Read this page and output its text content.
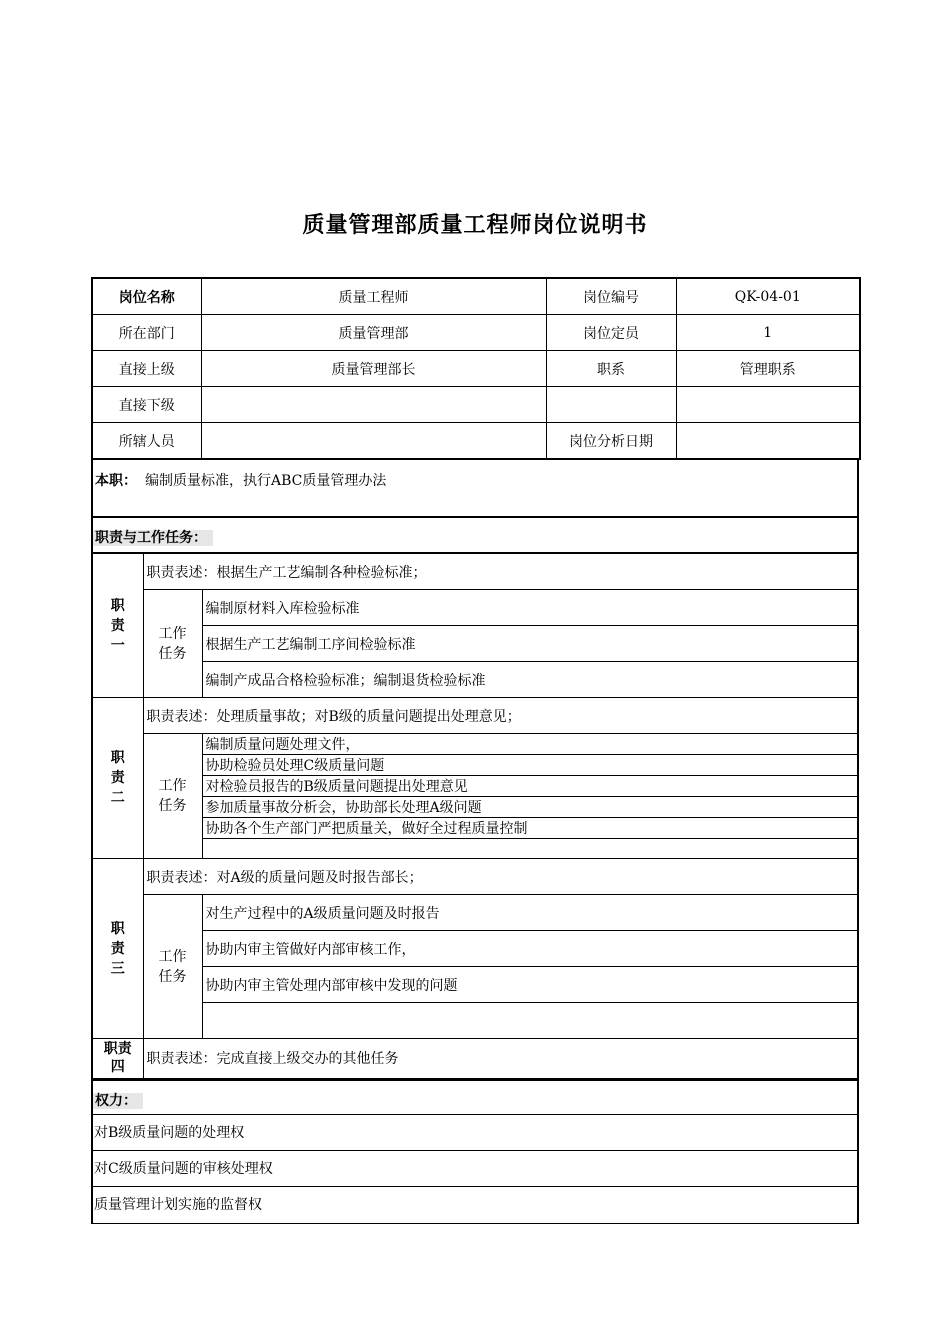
质量管理部质量工程师岗位说明书
岗位名称	质量工程师	岗位编号	QK-04-01
所在部门	质量管理部	岗位定员	1
直接上级	质量管理部长	职系	管理职系
直接下级			
所辖人员		岗位分析日期	
本职： 编制质量标准，执行ABC质量管理办法
职责与工作任务：
职责一	职责表述：根据生产工艺编制各种检验标准；	

	工作任务	编制原材料入库检验标准
		根据生产工艺编制工序间检验标准
		编制产成品合格检验标准；编制退货检验标准

职责二	职责表述：处理质量事故；对B级的质量问题提出处理意见；	

	工作任务	编制质量问题处理文件，
		协助检验员处理C级质量问题
		对检验员报告的B级质量问题提出处理意见
		参加质量事故分析会，协助部长处理A级问题
		协助各个生产部门严把质量关，做好全过程质量控制

职责三	职责表述：对A级的质量问题及时报告部长；	

	工作任务	对生产过程中的A级质量问题及时报告
		协助内审主管做好内部审核工作，
		协助内审主管处理内部审核中发现的问题

职责四	职责表述：完成直接上级交办的其他任务	
权力：
对B级质量问题的处理权
对C级质量问题的审核处理权
质量管理计划实施的监督权
